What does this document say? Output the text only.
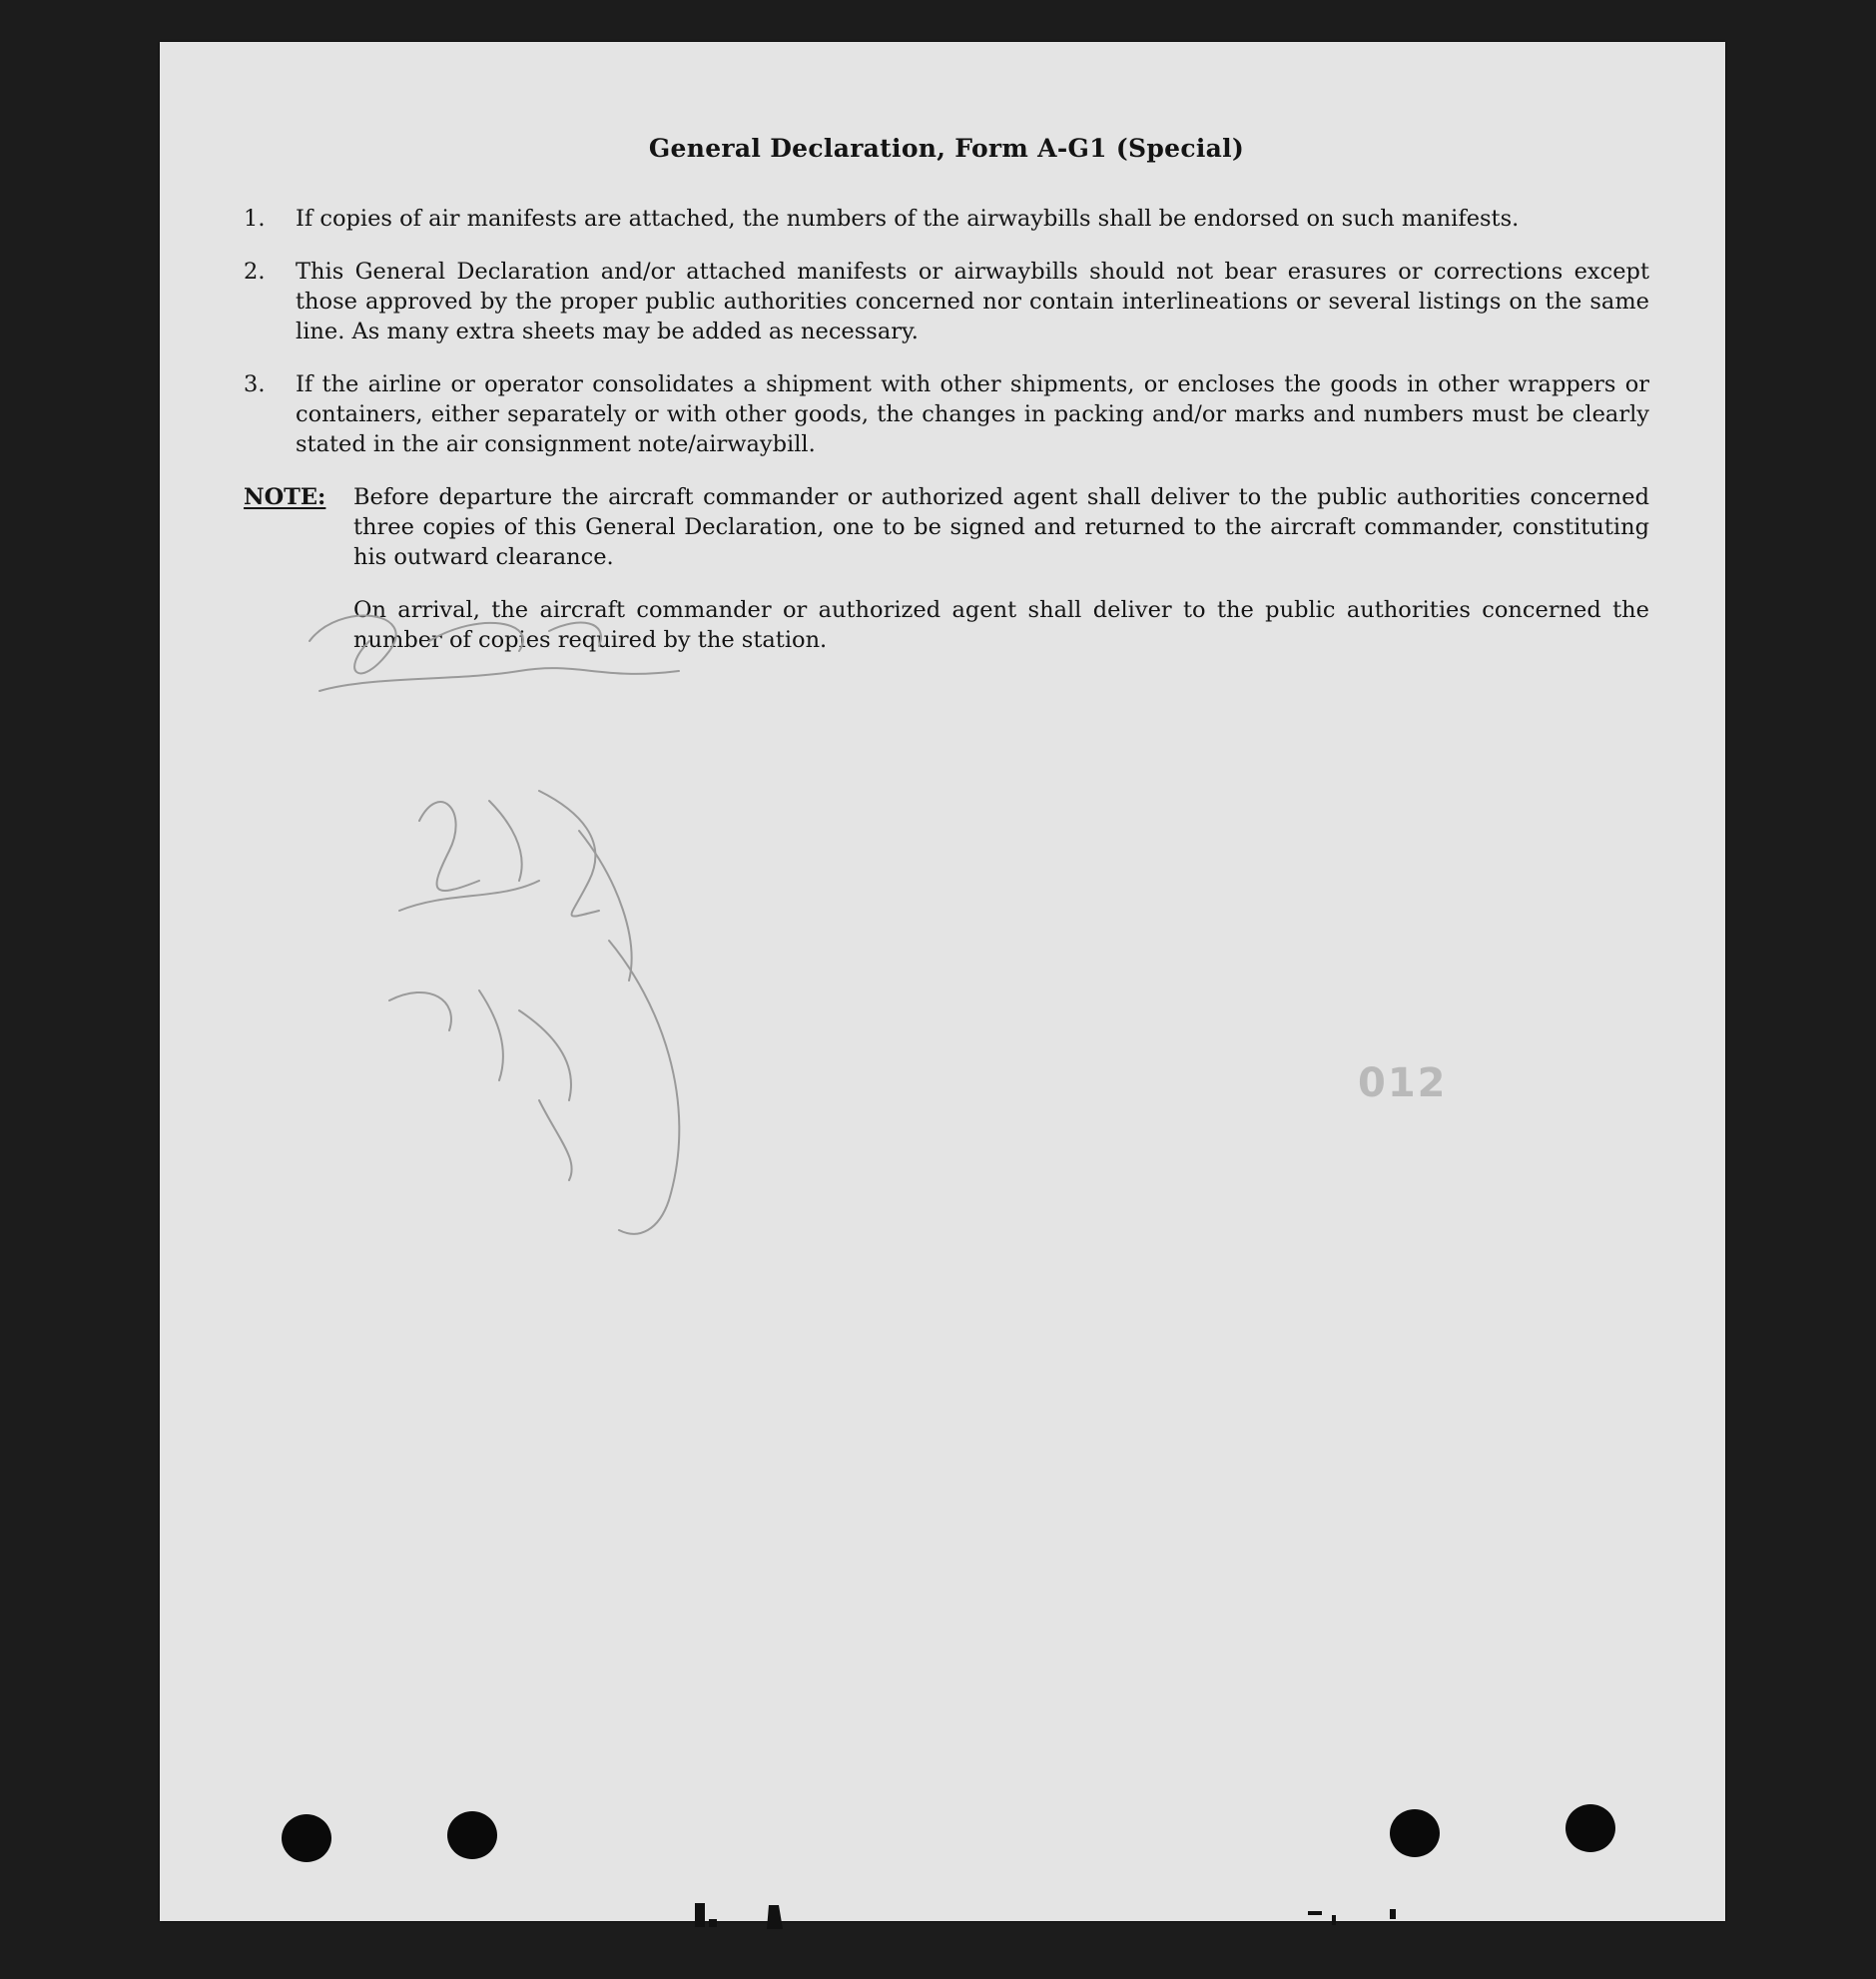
General Declaration, Form A-G1 (Special)
1.	If copies of air manifests are attached, the numbers of the airwaybills shall be endorsed on such manifests.
2.	This General Declaration and/or attached manifests or airwaybills should not bear erasures or corrections except those approved by the proper public authorities concerned nor contain interlineations or several listings on the same line. As many extra sheets may be added as necessary.
3.	If the airline or operator consolidates a shipment with other shipments, or encloses the goods in other wrappers or containers, either separately or with other goods, the changes in packing and/or marks and numbers must be clearly stated in the air consignment note/airwaybill.
NOTE:	Before departure the aircraft commander or authorized agent shall deliver to the public authorities concerned three copies of this General Declaration, one to be signed and returned to the aircraft commander, constituting his outward clearance.
On arrival, the aircraft commander or authorized agent shall deliver to the public authorities concerned the number of copies required by the station.
012
